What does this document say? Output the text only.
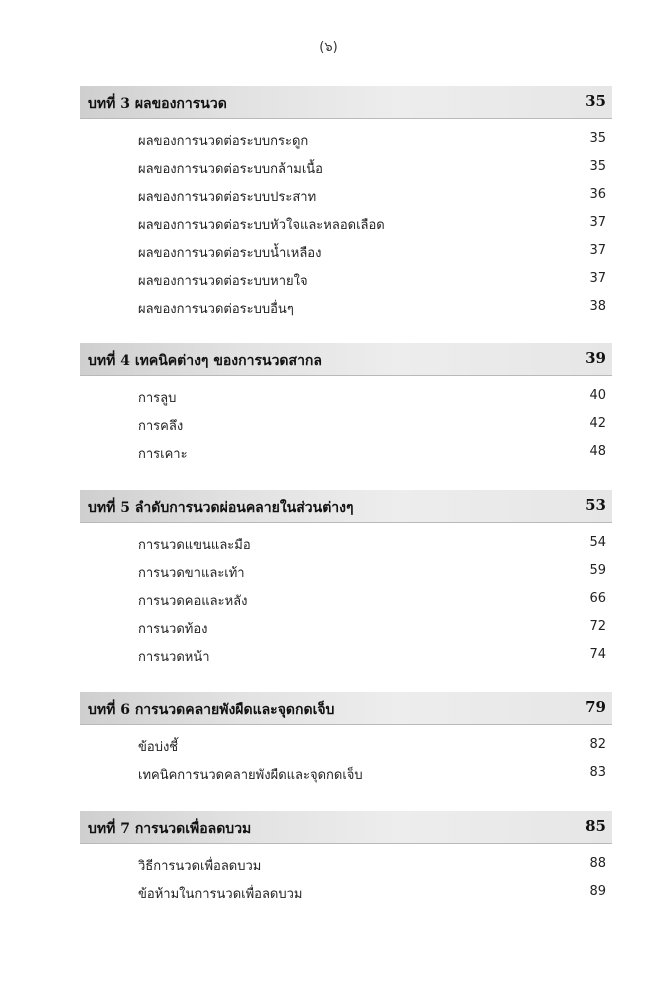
(๖)
บทที่ 3 ผลของการนวด	35
ผลของการนวดต่อระบบกระดูก	35
ผลของการนวดต่อระบบกล้ามเนื้อ	35
ผลของการนวดต่อระบบประสาท	36
ผลของการนวดต่อระบบหัวใจและหลอดเลือด	37
ผลของการนวดต่อระบบน้ำเหลือง	37
ผลของการนวดต่อระบบหายใจ	37
ผลของการนวดต่อระบบอื่นๆ	38
บทที่ 4 เทคนิคต่างๆ ของการนวดสากล	39
การลูบ	40
การคลึง	42
การเคาะ	48
บทที่ 5 ลำดับการนวดผ่อนคลายในส่วนต่างๆ	53
การนวดแขนและมือ	54
การนวดขาและเท้า	59
การนวดคอและหลัง	66
การนวดท้อง	72
การนวดหน้า	74
บทที่ 6 การนวดคลายพังผืดและจุดกดเจ็บ	79
ข้อบ่งชี้	82
เทคนิคการนวดคลายพังผืดและจุดกดเจ็บ	83
บทที่ 7 การนวดเพื่อลดบวม	85
วิธีการนวดเพื่อลดบวม	88
ข้อห้ามในการนวดเพื่อลดบวม	89
